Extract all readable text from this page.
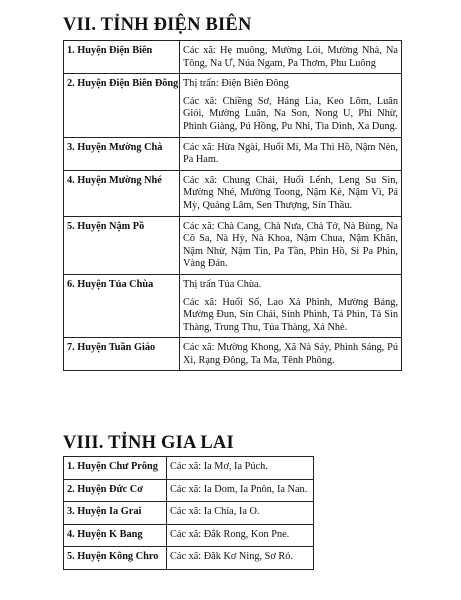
VII. TỈNH ĐIỆN BIÊN
1. Huyện Điện Biên	Các xã: Hẹ muông, Mường Lói, Mường Nhà, Na Tông, Na Ư, Núa Ngam, Pa Thơm, Phu Luông

2. Huyện Điện Biên Đông	Thị trấn: Điện Biên Đông
Các xã: Chiềng Sơ, Háng Lìa, Keo Lôm, Luân Giói, Mường Luân, Na Son, Nong U, Phì Nhừ, Phình Giàng, Pú Hồng, Pu Nhi, Tìa Dình, Xa Dung.

3. Huyện Mường Chà	Các xã: Hừa Ngài, Huổi Mí, Ma Thì Hồ, Nậm Nèn, Pa Ham.

4. Huyện Mường Nhé	Các xã: Chung Chải, Huổi Lếnh, Leng Su Sìn, Mường Nhé, Mường Toong, Nậm Kè, Nậm Vì, Pá Mỳ, Quảng Lâm, Sen Thượng, Sín Thầu.

5. Huyện Nậm Pồ	Các xã: Chà Cang, Chà Nưa, Chà Tở, Nà Bủng, Na Cô Sa, Nà Hỳ, Nà Khoa, Nậm Chua, Nậm Khăn, Nậm Nhừ, Nậm Tin, Pa Tần, Phìn Hồ, Si Pa Phìn, Vàng Đán.

6. Huyện Tủa Chùa	Thị trấn Tủa Chùa.
Các xã: Huổi Số, Lao Xả Phình, Mường Báng, Mường Đun, Sín Chải, Sính Phình, Tả Phìn, Tả Sìn Thàng, Trung Thu, Tủa Thàng, Xá Nhè.

7. Huyện Tuần Giáo	Các xã: Mường Khong, Xã Nà Sáy, Phình Sáng, Pú Xi, Rạng Đông, Ta Ma, Tênh Phông.
VIII. TỈNH GIA LAI
1. Huyện Chư Prông	Các xã: Ia Mơ, Ia Púch.

2. Huyện Đức Cơ	Các xã: Ia Dom, Ia Pnôn, Ia Nan.

3. Huyện Ia Grai	Các xã: Ia Chía, Ia O.

4. Huyện K Bang	Các xã: Đắk Rong, Kon Pne.

5. Huyện Kông Chro	Các xã: Đăk Kơ Ning, Sơ Ró.
